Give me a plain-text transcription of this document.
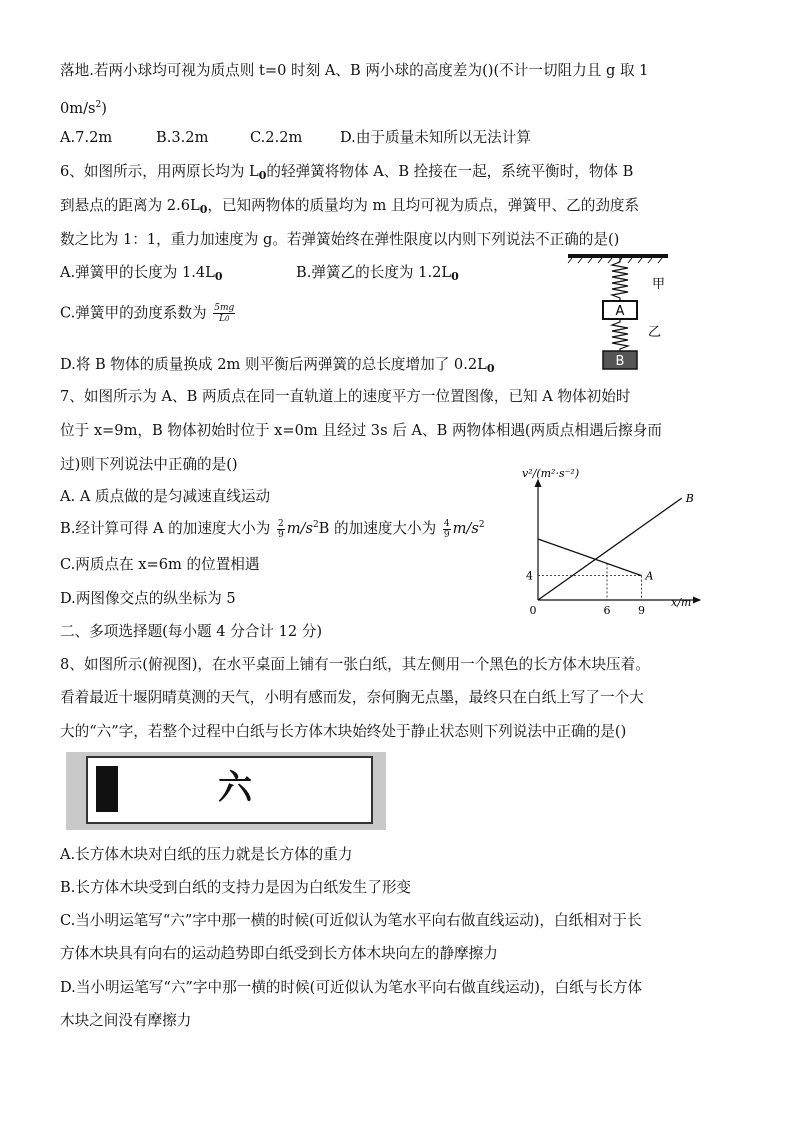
落地.若两小球均可视为质点则 t=0 时刻 A、B 两小球的高度差为()(不计一切阻力且 g 取 1
$0m/s^2$)
A.7.2m	B.3.2m	C.2.2m	D.由于质量未知所以无法计算
6、如图所示，用两原长均为 $L_0$的轻弹簧将物体 A、B 拴接在一起，系统平衡时，物体 B
到悬点的距离为 $2.6L_0$，已知两物体的质量均为 m 且均可视为质点，弹簧甲、乙的劲度系
数之比为 1：1，重力加速度为 g。若弹簧始终在弹性限度以内则下列说法不正确的是()
A.弹簧甲的长度为 $1.4L_0$	B.弹簧乙的长度为 $1.2L_0$
C.弹簧甲的劲度系数为 $\frac{5mg}{L0}$
D.将 B 物体的质量换成 2m 则平衡后两弹簧的总长度增加了 $0.2L_0$
甲
A
乙
B
7、如图所示为 A、B 两质点在同一直轨道上的速度平方一位置图像，已知 A 物体初始时
位于 x=9m，B 物体初始时位于 x=0m 且经过 3s 后 A、B 两物体相遇(两质点相遇后擦身而
过)则下列说法中正确的是()
A. A 质点做的是匀减速直线运动
B.经计算可得 A 的加速度大小为 $\frac{2}{9} m/s^2B$ 的加速度大小为 $\frac{4}{9} m/s^2$
C.两质点在 x=6m 的位置相遇
D.两图像交点的纵坐标为 5
v²/(m²·s⁻²)
x/m
A
B
0	6	9
4
二、多项选择题(每小题 4 分合计 12 分)
8、如图所示(俯视图)，在水平桌面上铺有一张白纸，其左侧用一个黑色的长方体木块压着。
看着最近十堰阴晴莫测的天气，小明有感而发，奈何胸无点墨，最终只在白纸上写了一个大
大的“六”字，若整个过程中白纸与长方体木块始终处于静止状态则下列说法中正确的是()
六
A.长方体木块对白纸的压力就是长方体的重力
B.长方体木块受到白纸的支持力是因为白纸发生了形变
C.当小明运笔写“六”字中那一横的时候(可近似认为笔水平向右做直线运动)，白纸相对于长
方体木块具有向右的运动趋势即白纸受到长方体木块向左的静摩擦力
D.当小明运笔写“六”字中那一横的时候(可近似认为笔水平向右做直线运动)，白纸与长方体
木块之间没有摩擦力
